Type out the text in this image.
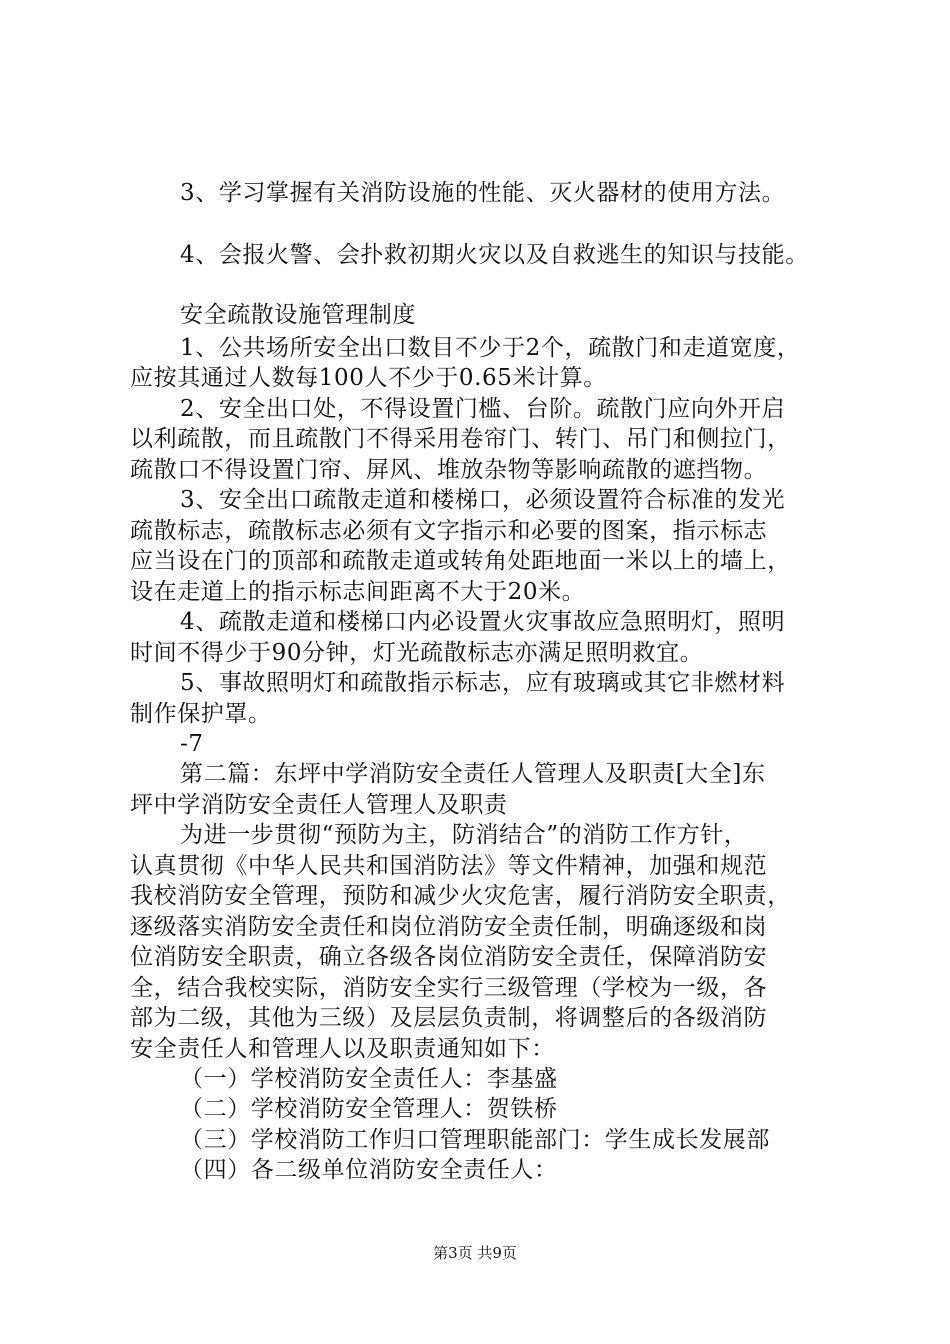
3、学习掌握有关消防设施的性能、灭火器材的使用方法。
4、会报火警、会扑救初期火灾以及自救逃生的知识与技能。
安全疏散设施管理制度
1、公共场所安全出口数目不少于2个，疏散门和走道宽度，
应按其通过人数每100人不少于0.65米计算。
2、安全出口处，不得设置门槛、台阶。疏散门应向外开启
以利疏散，而且疏散门不得采用卷帘门、转门、吊门和侧拉门，
疏散口不得设置门帘、屏风、堆放杂物等影响疏散的遮挡物。
3、安全出口疏散走道和楼梯口，必须设置符合标准的发光
疏散标志，疏散标志必须有文字指示和必要的图案，指示标志
应当设在门的顶部和疏散走道或转角处距地面一米以上的墙上，
设在走道上的指示标志间距离不大于20米。
4、疏散走道和楼梯口内必设置火灾事故应急照明灯，照明
时间不得少于90分钟，灯光疏散标志亦满足照明救宜。
5、事故照明灯和疏散指示标志，应有玻璃或其它非燃材料
制作保护罩。
-7
第二篇：东坪中学消防安全责任人管理人及职责[大全]东
坪中学消防安全责任人管理人及职责
为进一步贯彻“预防为主，防消结合”的消防工作方针，
认真贯彻《中华人民共和国消防法》等文件精神，加强和规范
我校消防安全管理，预防和减少火灾危害，履行消防安全职责，
逐级落实消防安全责任和岗位消防安全责任制，明确逐级和岗
位消防安全职责，确立各级各岗位消防安全责任，保障消防安
全，结合我校实际，消防安全实行三级管理（学校为一级，各
部为二级，其他为三级）及层层负责制，将调整后的各级消防
安全责任人和管理人以及职责通知如下：
（一）学校消防安全责任人：李基盛
（二）学校消防安全管理人：贺铁桥
（三）学校消防工作归口管理职能部门：学生成长发展部
（四）各二级单位消防安全责任人：
第3页 共9页
